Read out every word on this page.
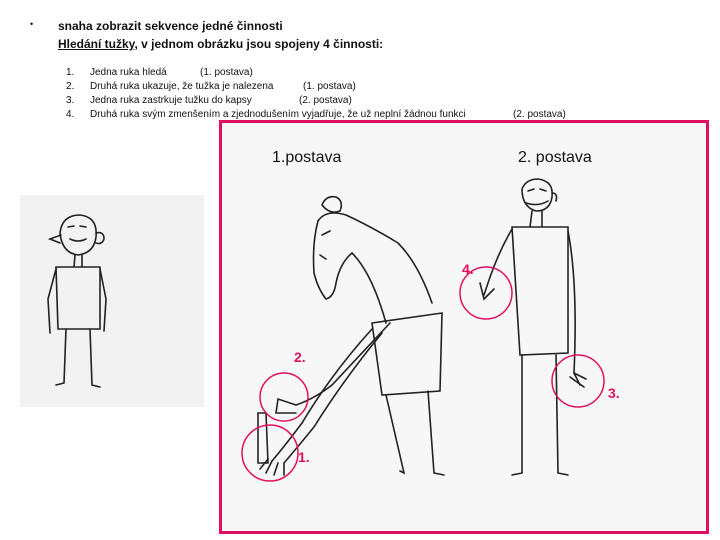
• snaha zobrazit sekvence jedné činnosti
Hledání tužky, v jednom obrázku jsou spojeny 4 činnosti:
1. Jedna ruka hledá	(1. postava)
2. Druhá ruka ukazuje, že tužka je nalezena	(1. postava)
3. Jedna ruka zastrkuje tužku do kapsy	(2. postava)
4. Druhá ruka svým zmenšením a zjednodušením vyjadřuje, že už neplní žádnou funkci	(2. postava)
1.postava	2. postava
1.
2.
3.
4.
